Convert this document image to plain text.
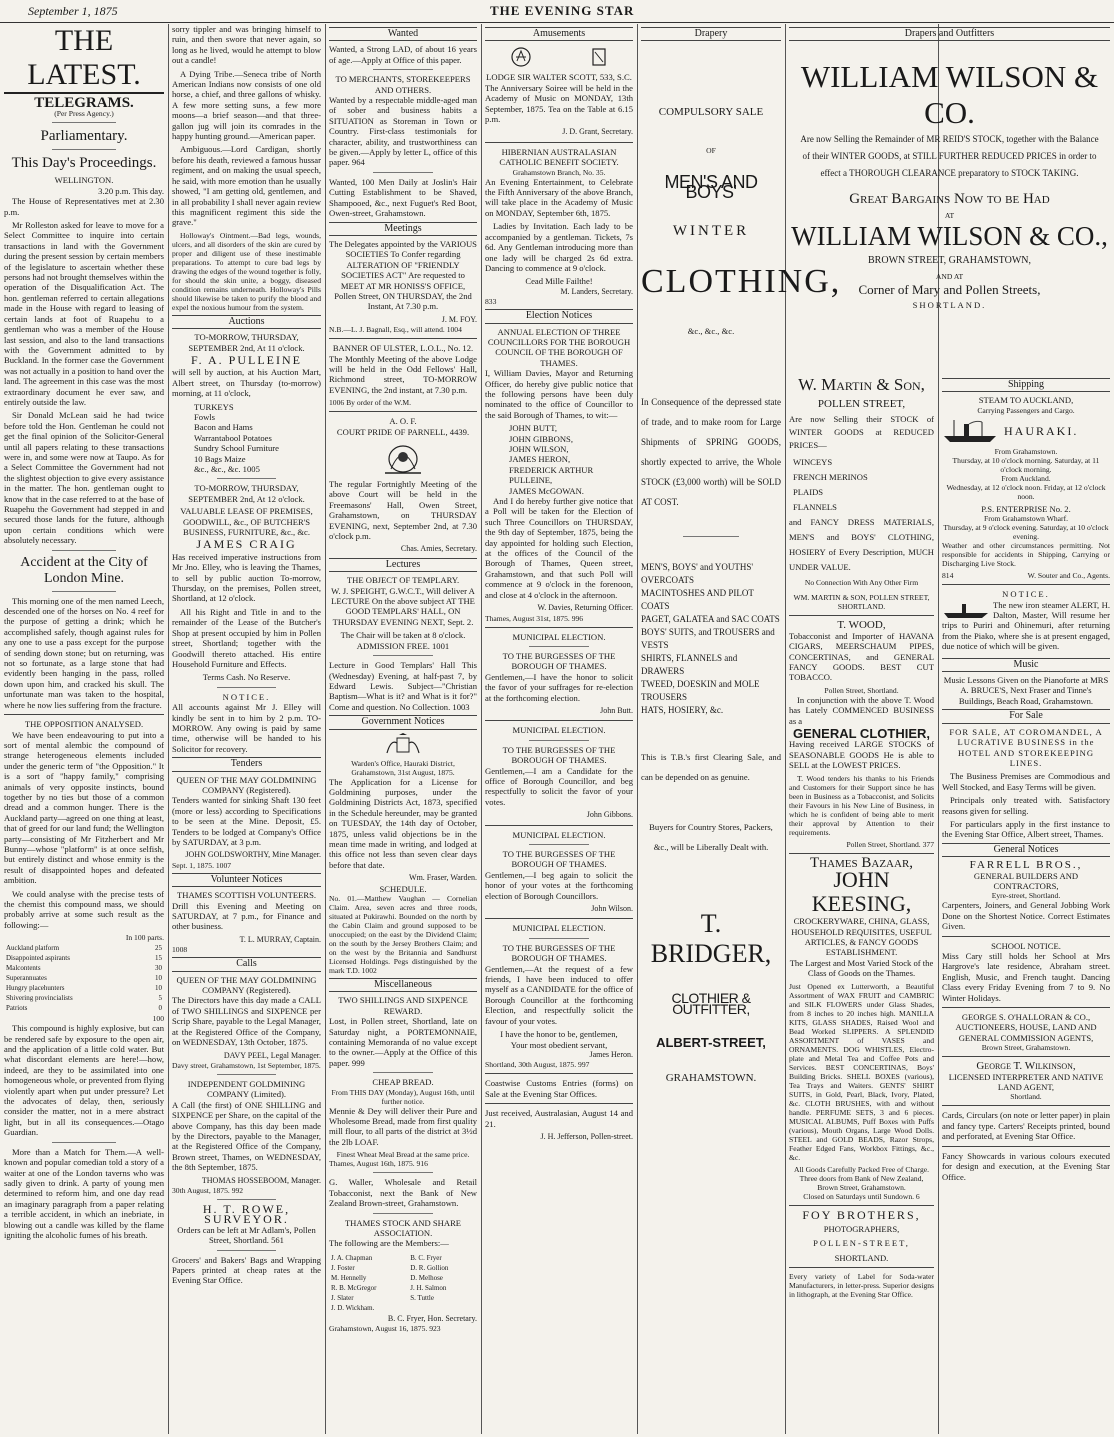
September 1, 1875	THE EVENING STAR
THE LATEST.
TELEGRAMS.
(Per Press Agency.)
Parliamentary.
This Day's Proceedings.
WELLINGTON.
3.20 p.m. This day.

The House of Representatives met at 2.30 p.m.

Mr Rolleston asked for leave to move for a Select Committee to inquire into certain transactions in land with the Government during the present session by certain members of the legislature to ascertain whether these persons had not brought themselves within the operation of the Disqualification Act. The hon. gentleman referred to certain allegations made in the House with regard to leasing of certain lands at foot of Ruapehu to a gentleman who was a member of the House last session, and also to the land transactions with the Government admitted to by Buckland. In the former case the Government was not actually in a position to hand over the land. The agreement in this case was the most extraordinary document he ever saw, and entirely outside the law.

Sir Donald McLean said he had twice before told the Hon. Gentleman he could not get the final opinion of the Solicitor-General until all papers relating to these transactions were in, and some were now at Taupo. As for a Select Committee the Government had not the slightest objection to give every assistance in the matter. The hon. gentleman ought to know that in the case referred to at the base of Ruapehu the Government had stepped in and secured those lands for the future, although upon certain conditions which were absolutely necessary.

Accident at the City of London Mine.

This morning one of the men named Leech, descended one of the horses on No. 4 reef for the purpose of getting a drink; which he accomplished safely, though against rules for any one to use a pass except for the purpose of sending down stone; but on returning, was not so fortunate, as a large stone that had evidently been hanging in the pass, rolled down upon him, and cracked his skull. The unfortunate man was taken to the hospital, where he now lies suffering from the fracture.

THE OPPOSITION ANALYSED.

We have been endeavouring to put into a sort of mental alembic the compound of strange heterogeneous elements included under the generic term of "the Opposition." It is a sort of "happy family," comprising animals of very opposite instincts, bound together by no ties but those of a common dread and a common hunger. There is the Auckland party—agreed on one thing at least, that of greed for our land fund; the Wellington party—consisting of Mr Fitzherbert and Mr Bunny—whose "platform" is at once selfish, but entirely distinct and whose enmity is the result of disappointed hopes and defeated ambition.

We could analyse with the precise tests of the chemist this compound mass, we should probably arrive at some such result as the following:—

In 100 parts.
Auckland platform	25
Disappointed aspirants	15
Malcontents	30
Superannuates	10
Hungry placehunters	10
Shivering provincialists	5
Patriots	0
100

This compound is highly explosive, but can be rendered safe by exposure to the open air, and the application of a little cold water. But what discordant elements are here!—how, indeed, are they to be assimilated into one homogeneous whole, or prevented from flying violently apart when put under pressure? Let the advocates of delay, then, seriously consider the matter, not in a mere abstract light, but in all its consequences.—Otago Guardian.

More than a Match for Them.—A well-known and popular comedian told a story of a waiter at one of the London taverns who was sadly given to drink. A party of young men determined to reform him, and one day read an imaginary paragraph from a paper relating a terrible accident, in which an inebriate, in blowing out a candle was killed by the flame igniting the alcoholic fumes of his breath.

sorry tippler and was bringing himself to ruin, and then swore that never again, so long as he lived, would he attempt to blow out a candle!

A Dying Tribe.—Seneca tribe of North American Indians now consists of one old horse, a chief, and three gallons of whisky. A few more setting suns, a few more moons—a brief season—and that three-gallon jug will join its comrades in the happy hunting ground.—American paper.

Ambiguous.—Lord Cardigan, shortly before his death, reviewed a famous hussar regiment, and on making the usual speech, he said, with more emotion than he usually showed, "I am getting old, gentlemen, and in all probability I shall never again review this magnificent regiment this side the grave."

Holloway's Ointment.—Bad legs, wounds, ulcers, and all disorders of the skin are cured by proper and diligent use of these inestimable preparations. To attempt to cure bad legs by drawing the edges of the wound together is folly, for should the skin unite, a boggy, diseased condition remains underneath. Holloway's Pills should likewise be taken to purify the blood and expel the noxious humour from the system.

Auctions
TO-MORROW, THURSDAY, SEPTEMBER 2nd, At 11 o'clock.
F. A. PULLEINE

will sell by auction, at his Auction Mart, Albert street, on Thursday (to-morrow) morning, at 11 o'clock,

TURKEYS
Fowls
Bacon and Hams
Warrantabool Potatoes
Sundry School Furniture
10 Bags Maize
&c., &c., &c. 1005
TO-MORROW, THURSDAY, SEPTEMBER 2nd, At 12 o'clock.
VALUABLE LEASE OF PREMISES, GOODWILL, &c., OF BUTCHER'S BUSINESS, FURNITURE, &c., &c.
JAMES CRAIG

Has received imperative instructions from Mr Jno. Elley, who is leaving the Thames, to sell by public auction To-morrow, Thursday, on the premises, Pollen street, Shortland, at 12 o'clock.

All his Right and Title in and to the remainder of the Lease of the Butcher's Shop at present occupied by him in Pollen street, Shortland; together with the Goodwill thereto attached. His entire Household Furniture and Effects.

Terms Cash. No Reserve.
NOTICE.

All accounts against Mr J. Elley will kindly be sent in to him by 2 p.m. TO-MORROW. Any owing is paid by same time, otherwise will be handed to his Solicitor for recovery.

Tenders
QUEEN OF THE MAY GOLDMINING COMPANY (Registered).

Tenders wanted for sinking Shaft 130 feet (more or less) according to Specifications to be seen at the Mine. Deposit, £5. Tenders to be lodged at Company's Office by SATURDAY, at 3 p.m.

JOHN GOLDSWORTHY, Mine Manager.
Sept. 1, 1875. 1007
Volunteer Notices
THAMES SCOTTISH VOLUNTEERS.

Drill this Evening and Meeting on SATURDAY, at 7 p.m., for Finance and other business.

T. L. MURRAY, Captain.
1008
Calls
QUEEN OF THE MAY GOLDMINING COMPANY (Registered).

The Directors have this day made a CALL of TWO SHILLINGS and SIXPENCE per Scrip Share, payable to the Legal Manager, at the Registered Office of the Company, on WEDNESDAY, 13th October, 1875.

DAVY PEEL, Legal Manager.
Davy street, Grahamstown, 1st September, 1875.
INDEPENDENT GOLDMINING COMPANY (Limited).

A Call (the first) of ONE SHILLING and SIXPENCE per Share, on the capital of the above Company, has this day been made by the Directors, payable to the Manager, at the Registered Office of the Company, Brown street, Thames, on WEDNESDAY, the 8th September, 1875.

THOMAS HOSSEBOOM, Manager.
30th August, 1875. 992
H. T. ROWE, SURVEYOR.

Orders can be left at Mr Adlam's, Pollen Street, Shortland. 561

Grocers' and Bakers' Bags and Wrapping Papers printed at cheap rates at the Evening Star Office.

Wanted

Wanted, a Strong LAD, of about 16 years of age.—Apply at Office of this paper.

TO MERCHANTS, STOREKEEPERS AND OTHERS.

Wanted by a respectable middle-aged man of sober and business habits a SITUATION as Storeman in Town or Country. First-class testimonials for character, ability, and trustworthiness can be given.—Apply by letter L, office of this paper. 964

Wanted, 100 Men Daily at Joslin's Hair Cutting Establishment to be Shaved, Shampooed, &c., next Fuguet's Red Boot, Owen-street, Grahamstown.

Meetings

The Delegates appointed by the VARIOUS SOCIETIES To Confer regarding ALTERATION OF "FRIENDLY SOCIETIES ACT" Are requested to MEET AT MR HONISS'S OFFICE, Pollen Street, ON THURSDAY, the 2nd Instant, At 7.30 p.m.

J. M. FOY.
N.B.—L. J. Bagnall, Esq., will attend. 1004
BANNER OF ULSTER, L.O.L., No. 12.

The Monthly Meeting of the above Lodge will be held in the Odd Fellows' Hall, Richmond street, TO-MORROW EVENING, the 2nd instant, at 7.30 p.m.

1006 By order of the W.M.
A. O. F.
COURT PRIDE OF PARNELL, 4439.

The regular Fortnightly Meeting of the above Court will be held in the Freemasons' Hall, Owen Street, Grahamstown, on THURSDAY EVENING, next, September 2nd, at 7.30 o'clock p.m.

Chas. Amies, Secretary.
Lectures
THE OBJECT OF TEMPLARY.

W. J. SPEIGHT, G.W.C.T., Will deliver A LECTURE On the above subject AT THE GOOD TEMPLARS' HALL, ON THURSDAY EVENING NEXT, Sept. 2.

The Chair will be taken at 8 o'clock.
ADMISSION FREE. 1001

Lecture in Good Templars' Hall This (Wednesday) Evening, at half-past 7, by Edward Lewis. Subject—"Christian Baptism—What is it? and What is it for?" Come and question. No Collection. 1003

Government Notices
Warden's Office, Hauraki District, Grahamstown, 31st August, 1875.

The Application for a License for Goldmining purposes, under the Goldmining Districts Act, 1873, specified in the Schedule hereunder, may be granted on TUESDAY, the 14th day of October, 1875, unless valid objections be in the mean time made in writing, and lodged at this office not less than seven clear days before that date.

Wm. Fraser, Warden.
SCHEDULE.

No. 01.—Matthew Vaughan — Cornelian Claim. Area, seven acres and three roods, situated at Pukirawhi. Bounded on the north by the Cabin Claim and ground supposed to be unoccupied; on the east by the Dividend Claim; on the south by the Jersey Brothers Claim; and on the west by the Britannia and Sandhurst Licensed Holdings. Pegs distinguished by the mark T.D. 1002

Miscellaneous
TWO SHILLINGS AND SIXPENCE REWARD.

Lost, in Pollen street, Shortland, late on Saturday night, a PORTEMONNAIE, containing Memoranda of no value except to the owner.—Apply at the Office of this paper. 999

CHEAP BREAD.
From THIS DAY (Monday), August 16th, until further notice.

Mennie & Dey will deliver their Pure and Wholesome Bread, made from first quality mill flour, to all parts of the district at 3½d the 2lb LOAF.

Finest Wheat Meal Bread at the same price.
Thames, August 16th, 1875. 916

G. Waller, Wholesale and Retail Tobacconist, next the Bank of New Zealand Brown-street, Grahamstown.

THAMES STOCK AND SHARE ASSOCIATION.

The following are the Members:—

J. A. Chapman	B. C. Fryer
J. Foster	D. R. Gollion
M. Hennelly	D. Melhose
R. B. McGregor	J. H. Salmon
J. Slater	S. Tuttle
J. D. Wickham.	
B. C. Fryer, Hon. Secretary.
Grahamstown, August 16, 1875. 923
Amusements
LODGE SIR WALTER SCOTT, 533, S.C.

The Anniversary Soiree will be held in the Academy of Music on MONDAY, 13th September, 1875. Tea on the Table at 6.15 p.m.

J. D. Grant, Secretary.
HIBERNIAN AUSTRALASIAN CATHOLIC BENEFIT SOCIETY.
Grahamstown Branch, No. 35.

An Evening Entertainment, to Celebrate the Fifth Anniversary of the above Branch, will take place in the Academy of Music on MONDAY, September 6th, 1875.

Ladies by Invitation. Each lady to be accompanied by a gentleman. Tickets, 7s 6d. Any Gentleman introducing more than one lady will be charged 2s 6d extra. Dancing to commence at 9 o'clock.

Cead Mille Failthe!
M. Landers, Secretary.
833
Election Notices
ANNUAL ELECTION OF THREE COUNCILLORS FOR THE BOROUGH COUNCIL OF THE BOROUGH OF THAMES.

I, William Davies, Mayor and Returning Officer, do hereby give public notice that the following persons have been duly nominated to the office of Councillor to the said Borough of Thames, to wit:—

JOHN BUTT,
JOHN GIBBONS,
JOHN WILSON,
JAMES HERON,
FREDERICK ARTHUR PULLEINE,
JAMES McGOWAN.

And I do hereby further give notice that a Poll will be taken for the Election of such Three Councillors on THURSDAY, the 9th day of September, 1875, being the day appointed for holding such Election, at the offices of the Council of the Borough of Thames, Queen street, Grahamstown, and that such Poll will commence at 9 o'clock in the forenoon, and close at 4 o'clock in the afternoon.

W. Davies, Returning Officer.
Thames, August 31st, 1875. 996
MUNICIPAL ELECTION.
TO THE BURGESSES OF THE BOROUGH OF THAMES.

Gentlemen,—I have the honor to solicit the favor of your suffrages for re-election at the forthcoming election.

John Butt.
MUNICIPAL ELECTION.
TO THE BURGESSES OF THE BOROUGH OF THAMES.

Gentlemen,—I am a Candidate for the office of Borough Councillor, and beg respectfully to solicit the favor of your votes.

John Gibbons.
MUNICIPAL ELECTION.
TO THE BURGESSES OF THE BOROUGH OF THAMES.

Gentlemen,—I beg again to solicit the honor of your votes at the forthcoming election of Borough Councillors.

John Wilson.
MUNICIPAL ELECTION.
TO THE BURGESSES OF THE BOROUGH OF THAMES.

Gentlemen,—At the request of a few friends, I have been induced to offer myself as a CANDIDATE for the office of Borough Councillor at the forthcoming Election, and respectfully solicit the favour of your votes.

I have the honor to be, gentlemen,
Your most obedient servant,
James Heron.
Shortland, 30th August, 1875. 997

Coastwise Customs Entries (forms) on Sale at the Evening Star Offices.

Just received, Australasian, August 14 and 21.

J. H. Jefferson, Pollen-street.
Drapery
COMPULSORY SALE
OF
MEN'S AND BOYS'
WINTER
CLOTHING,
&c., &c., &c.

In Consequence of the depressed state of trade, and to make room for Large Shipments of SPRING GOODS, shortly expected to arrive, the Whole STOCK (£3,000 worth) will be SOLD AT COST.

MEN'S, BOYS' and YOUTHS' OVERCOATS
MACINTOSHES AND PILOT COATS
PAGET, GALATEA and SAC COATS
BOYS' SUITS, and TROUSERS and VESTS
SHIRTS, FLANNELS and DRAWERS
TWEED, DOESKIN and MOLE TROUSERS
HATS, HOSIERY, &c.

This is T.B.'s first Clearing Sale, and can be depended on as genuine.

Buyers for Country Stores, Packers, &c., will be Liberally Dealt with.

T. BRIDGER,
CLOTHIER & OUTFITTER,
ALBERT-STREET,
GRAHAMSTOWN.
Drapers and Outfitters
WILLIAM WILSON & CO.

Are now Selling the Remainder of MR REID'S STOCK, together with the Balance of their WINTER GOODS, at STILL FURTHER REDUCED PRICES in order to effect a THOROUGH CLEARANCE preparatory to STOCK TAKING.

Great Bargains Now to be Had
AT
WILLIAM WILSON & CO.,
BROWN STREET, GRAHAMSTOWN,
AND AT
Corner of Mary and Pollen Streets,
SHORTLAND.
W. Martin & Son,
POLLEN STREET,

Are now Selling their STOCK of WINTER GOODS at REDUCED PRICES—

WINCEYS
FRENCH MERINOS
PLAIDS
FLANNELS

and FANCY DRESS MATERIALS, MEN'S and BOYS' CLOTHING, HOSIERY of Every Description, MUCH UNDER VALUE.

No Connection With Any Other Firm
WM. MARTIN & SON, POLLEN STREET, SHORTLAND.
T. WOOD,

Tobacconist and Importer of HAVANA CIGARS, MEERSCHAUM PIPES, CONCERTINAS, and GENERAL FANCY GOODS. BEST CUT TOBACCO.

Pollen Street, Shortland.

In conjunction with the above T. Wood has Lately COMMENCED BUSINESS as a

GENERAL CLOTHIER,

Having received LARGE STOCKS of SEASONABLE GOODS He is able to SELL at the LOWEST PRICES.

T. Wood tenders his thanks to his Friends and Customers for their Support since he has been in Business as a Tobacconist, and Solicits their Favours in his New Line of Business, in which he is confident of being able to merit their approval by Attention to their requirements.

Pollen Street, Shortland. 377
Thames Bazaar,
JOHN KEESING,
CROCKERYWARE, CHINA, GLASS, HOUSEHOLD REQUISITES, USEFUL ARTICLES, & FANCY GOODS ESTABLISHMENT.

The Largest and Most Varied Stock of the Class of Goods on the Thames.

Just Opened ex Lutterworth, a Beautiful Assortment of WAX FRUIT and CAMBRIC and SILK FLOWERS under Glass Shades, from 8 inches to 20 inches high. MANILLA KITS, GLASS SHADES, Raised Wool and Bead Worked SLIPPERS. A SPLENDID ASSORTMENT of VASES and ORNAMENTS. DOG WHISTLES, Electro-plate and Metal Tea and Coffee Pots and Services. BEST CONCERTINAS, Boys' Building Bricks. SHELL BOXES (various), Tea Trays and Waiters. GENTS' SHIRT SUITS, in Gold, Pearl, Black, Ivory, Plated, &c. CLOTH BRUSHES, with and without handle. PERFUME SETS, 3 and 6 pieces. MUSICAL ALBUMS, Puff Boxes with Puffs (various), Mouth Organs, Large Wood Dolls. STEEL and GOLD BEADS, Razor Strops, Feather Edged Fans, Workbox Fittings, &c., &c.

All Goods Carefully Packed Free of Charge.
Three doors from Bank of New Zealand, Brown Street, Grahamstown.
Closed on Saturdays until Sundown. 6
FOY BROTHERS,
PHOTOGRAPHERS,
POLLEN-STREET,
SHORTLAND.

Every variety of Label for Soda-water Manufacturers, in letter-press. Superior designs in lithograph, at the Evening Star Office.

Shipping
STEAM TO AUCKLAND,
Carrying Passengers and Cargo.
HAURAKI.
From Grahamstown.
Thursday, at 10 o'clock morning. Saturday, at 11 o'clock morning.
From Auckland.
Wednesday, at 12 o'clock noon. Friday, at 12 o'clock noon.
P.S. ENTERPRISE No. 2.
From Grahamstown Wharf.
Thursday, at 9 o'clock evening. Saturday, at 10 o'clock evening.

Weather and other circumstances permitting. Not responsible for accidents in Shipping, Carrying or Discharging Live Stock.

814	W. Souter and Co., Agents.
NOTICE.

The new iron steamer ALERT, H. Dalton, Master, Will resume her trips to Puriri and Ohinemuri, after returning from the Piako, where she is at present engaged, due notice of which will be given.

Music

Music Lessons Given on the Pianoforte at MRS A. BRUCE'S, Next Fraser and Tinne's Buildings, Beach Road, Grahamstown.

For Sale

FOR SALE, AT COROMANDEL, A LUCRATIVE BUSINESS in the HOTEL AND STOREKEEPING LINES.

The Business Premises are Commodious and Well Stocked, and Easy Terms will be given.

Principals only treated with. Satisfactory reasons given for selling.

For particulars apply in the first instance to the Evening Star Office, Albert street, Thames.

General Notices
FARRELL BROS.,
GENERAL BUILDERS AND CONTRACTORS,
Eyre-street, Shortland.

Carpenters, Joiners, and General Jobbing Work Done on the Shortest Notice. Correct Estimates Given.

SCHOOL NOTICE.

Miss Cary still holds her School at Mrs Hargrove's late residence, Abraham street. English, Music, and French taught. Dancing Class every Friday Evening from 7 to 9. No Winter Holidays.

GEORGE S. O'HALLORAN & CO.,
AUCTIONEERS, HOUSE, LAND AND GENERAL COMMISSION AGENTS,
Brown Street, Grahamstown.
George T. Wilkinson,
LICENSED INTERPRETER AND NATIVE LAND AGENT,
Shortland.

Cards, Circulars (on note or letter paper) in plain and fancy type. Carters' Receipts printed, bound and perforated, at Evening Star Office.

Fancy Showcards in various colours executed for design and execution, at the Evening Star Office.
